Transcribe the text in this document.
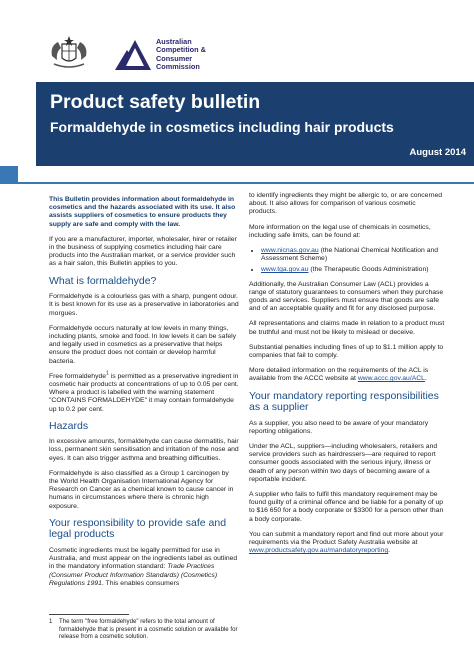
Australian
Competition &
Consumer
Commission
Product safety bulletin
Formaldehyde in cosmetics including hair products
August 2014

This Bulletin provides information about formaldehyde in cosmetics and the hazards associated with its use. It also assists suppliers of cosmetics to ensure products they supply are safe and comply with the law.

If you are a manufacturer, importer, wholesaler, hirer or retailer in the business of supplying cosmetics including hair care products into the Australian market, or a service provider such as a hair salon, this Bulletin applies to you.

What is formaldehyde?

Formaldehyde is a colourless gas with a sharp, pungent odour. It is best known for its use as a preservative in laboratories and morgues.

Formaldehyde occurs naturally at low levels in many things, including plants, smoke and food. In low levels it can be safely and legally used in cosmetics as a preservative that helps ensure the product does not contain or develop harmful bacteria.

Free formaldehyde$^1$ is permitted as a preservative ingredient in cosmetic hair products at concentrations of up to 0.05 per cent. Where a product is labelled with the warning statement "CONTAINS FORMALDEHYDE" it may contain formaldehyde up to 0.2 per cent.

Hazards

In excessive amounts, formaldehyde can cause dermatitis, hair loss, permanent skin sensitisation and irritation of the nose and eyes. It can also trigger asthma and breathing difficulties.

Formaldehyde is also classified as a Group 1 carcinogen by the World Health Organisation International Agency for Research on Cancer as a chemical known to cause cancer in humans in circumstances where there is chronic high exposure.

Your responsibility to provide safe and legal products

Cosmetic ingredients must be legally permitted for use in Australia, and must appear on the ingredients label as outlined in the mandatory information standard: Trade Practices (Consumer Product Information Standards) (Cosmetics) Regulations 1991. This enables consumers

1 The term "free formaldehyde" refers to the total amount of formaldehyde that is present in a cosmetic solution or available for release from a cosmetic solution.

to identify ingredients they might be allergic to, or are concerned about. It also allows for comparison of various cosmetic products.

More information on the legal use of chemicals in cosmetics, including safe limits, can be found at:

• www.nicnas.gov.au (the National Chemical Notification and Assessment Scheme)
• www.tga.gov.au (the Therapeutic Goods Administration)

Additionally, the Australian Consumer Law (ACL) provides a range of statutory guarantees to consumers when they purchase goods and services. Suppliers must ensure that goods are safe and of an acceptable quality and fit for any disclosed purpose.

All representations and claims made in relation to a product must be truthful and must not be likely to mislead or deceive.

Substantial penalties including fines of up to $1.1 million apply to companies that fail to comply.

More detailed information on the requirements of the ACL is available from the ACCC website at www.accc.gov.au/ACL.

Your mandatory reporting responsibilities as a supplier

As a supplier, you also need to be aware of your mandatory reporting obligations.

Under the ACL, suppliers—including wholesalers, retailers and service providers such as hairdressers—are required to report consumer goods associated with the serious injury, illness or death of any person within two days of becoming aware of a reportable incident.

A supplier who fails to fulfil this mandatory requirement may be found guilty of a criminal offence and be liable for a penalty of up to $16 650 for a body corporate or $3300 for a person other than a body corporate.

You can submit a mandatory report and find out more about your requirements via the Product Safety Australia website at www.productsafety.gov.au/mandatoryreporting.
